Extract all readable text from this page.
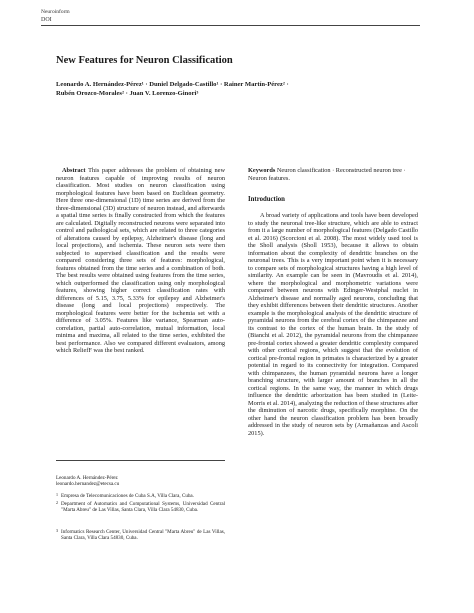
Neuroinform
DOI
New Features for Neuron Classification
Leonardo A. Hernández-Pérez¹ · Duniel Delgado-Castillo¹ · Rainer Martín-Pérez² ·
Rubén Orozco-Morales² · Juan V. Lorenzo-Ginori³
Abstract This paper addresses the problem of obtaining new neuron features capable of improving results of neuron classification. Most studies on neuron classification using morphological features have been based on Euclidean geometry. Here three one-dimensional (1D) time series are derived from the three-dimensional (3D) structure of neuron instead, and afterwards a spatial time series is finally constructed from which the features are calculated. Digitally reconstructed neurons were separated into control and pathological sets, which are related to three categories of alterations caused by epilepsy, Alzheimer's disease (long and local projections), and ischemia. These neuron sets were then subjected to supervised classification and the results were compared considering three sets of features: morphological, features obtained from the time series and a combination of both. The best results were obtained using features from the time series, which outperformed the classification using only morphological features, showing higher correct classification rates with differences of 5.15, 3.75, 5.33% for epilepsy and Alzheimer's disease (long and local projections) respectively. The morphological features were better for the ischemia set with a difference of 3.05%. Features like variance, Spearman auto-correlation, partial auto-correlation, mutual information, local minima and maxima, all related to the time series, exhibited the best performance. Also we compared different evaluators, among which ReliefF was the best ranked.
Leonardo A. Hernández-Pérez
leonardo.hernandez@etecsa.cu
1 Empresa de Telecomunicaciones de Cuba S.A, Villa Clara, Cuba.
2 Department of Automatics and Computational Systems, Universidad Central "Marta Abreu" de Las Villas, Santa Clara, Villa Clara 54830, Cuba.
3 Informatics Research Center, Universidad Central "Marta Abreu" de Las Villas, Santa Clara, Villa Clara 54830, Cuba.
Keywords Neuron classification · Reconstructed neuron tree · Neuron features.
Introduction
A broad variety of applications and tools have been developed to study the neuronal tree-like structure, which are able to extract from it a large number of morphological features (Delgado Castillo et al. 2016) (Scorcioni et al. 2008). The most widely used tool is the Sholl analysis (Sholl 1953), because it allows to obtain information about the complexity of dendritic branches on the neuronal trees. This is a very important point when it is necessary to compare sets of morphological structures having a high level of similarity. An example can be seen in (Mavroudis et al. 2014), where the morphological and morphometric variations were compared between neurons with Edinger-Westphal nuclei in Alzheimer's disease and normally aged neurons, concluding that they exhibit differences between their dendritic structures. Another example is the morphological analysis of the dendritic structure of pyramidal neurons from the cerebral cortex of the chimpanzee and its contrast to the cortex of the human brain. In the study of (Bianchi et al. 2012), the pyramidal neurons from the chimpanzee pre-frontal cortex showed a greater dendritic complexity compared with other cortical regions, which suggest that the evolution of cortical pre-frontal region in primates is characterized by a greater potential in regard to its connectivity for integration. Compared with chimpanzees, the human pyramidal neurons have a longer branching structure, with larger amount of branches in all the cortical regions. In the same way, the manner in which drugs influence the dendritic arborization has been studied in (Leite-Morris et al. 2014), analyzing the reduction of these structures after the diminution of narcotic drugs, specifically morphine. On the other hand the neuron classification problem has been broadly addressed in the study of neuron sets by (Armañanzas and Ascoli 2015).
